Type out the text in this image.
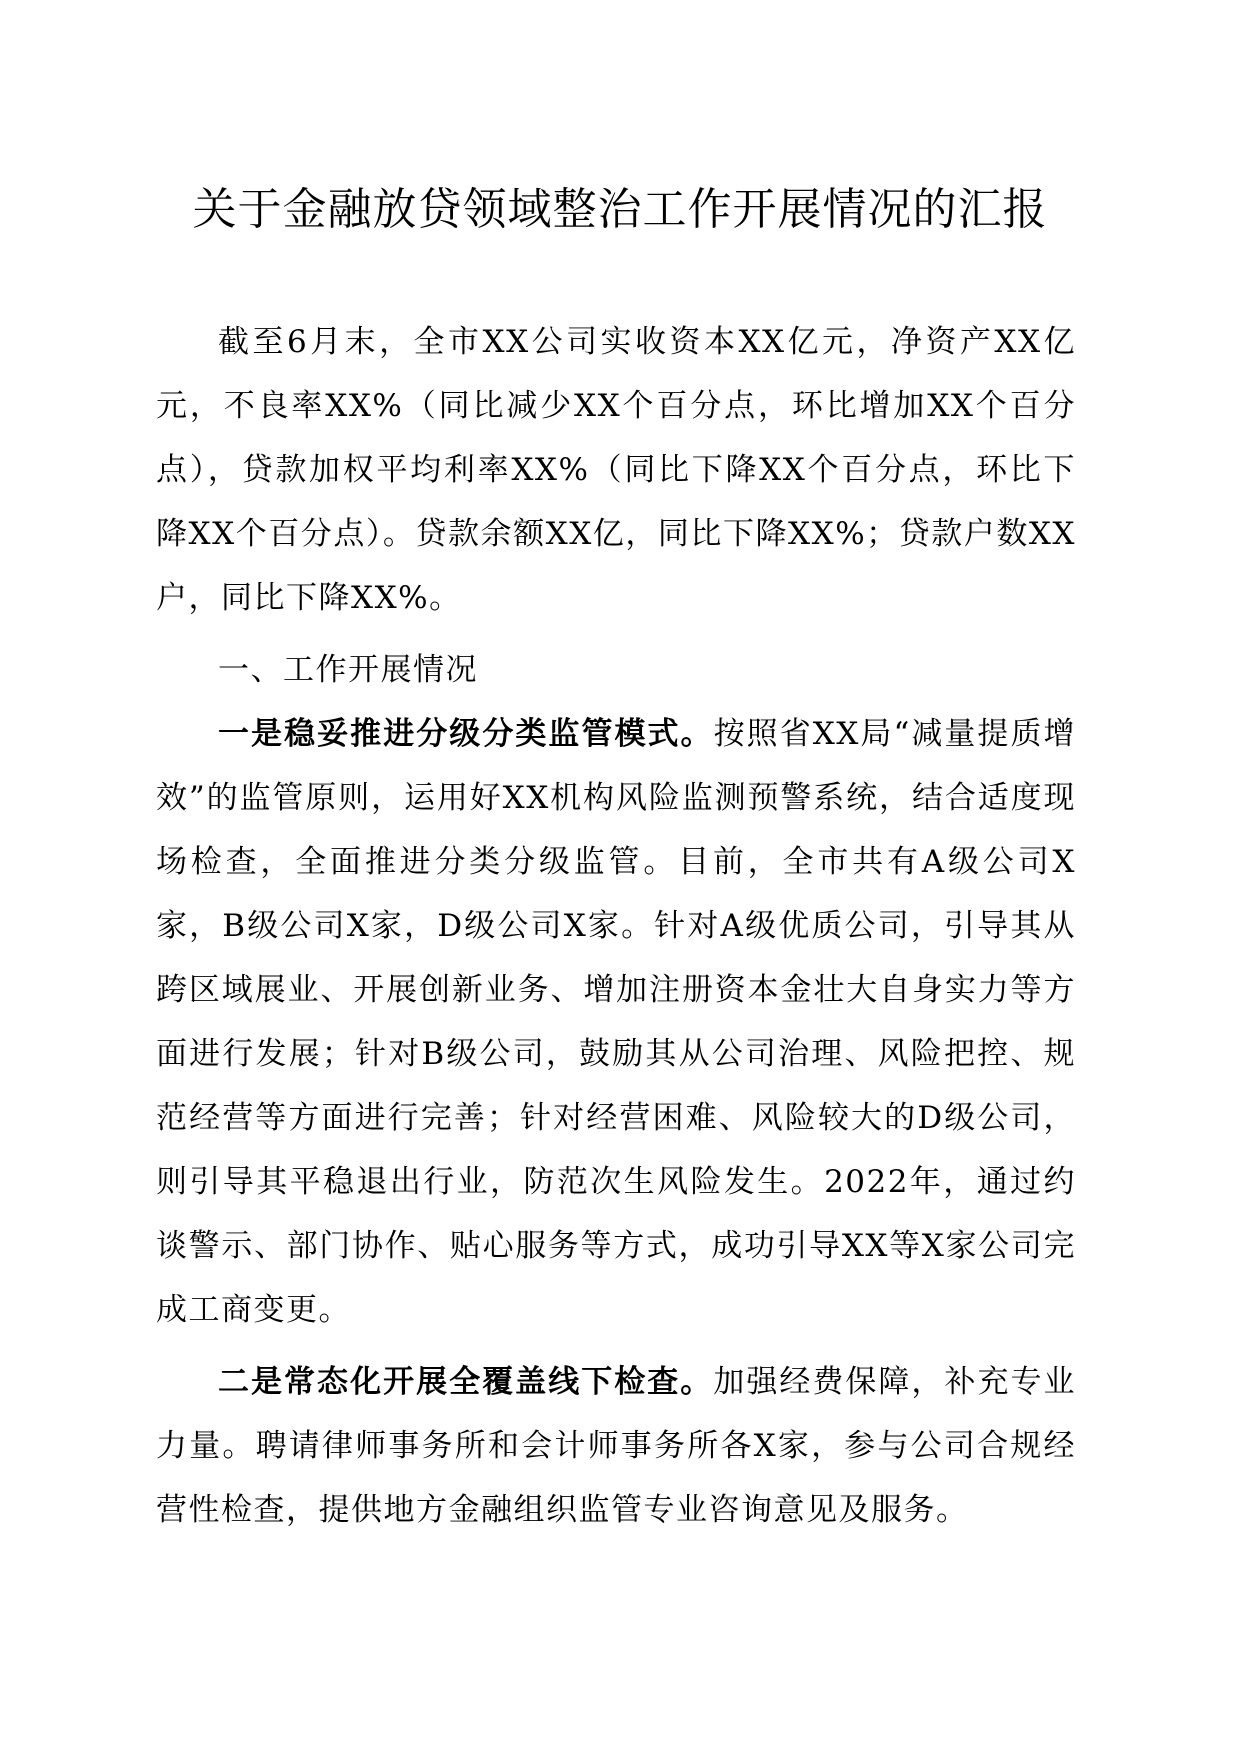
关于金融放贷领域整治工作开展情况的汇报

截至6月末，全市XX公司实收资本XX亿元，净资产XX亿元，不良率XX%（同比减少XX个百分点，环比增加XX个百分点），贷款加权平均利率XX%（同比下降XX个百分点，环比下降XX个百分点）。贷款余额XX亿，同比下降XX%；贷款户数XX户，同比下降XX%。

一、工作开展情况

一是稳妥推进分级分类监管模式。按照省XX局“减量提质增效”的监管原则，运用好XX机构风险监测预警系统，结合适度现场检查，全面推进分类分级监管。目前，全市共有A级公司X家，B级公司X家，D级公司X家。针对A级优质公司，引导其从跨区域展业、开展创新业务、增加注册资本金壮大自身实力等方面进行发展；针对B级公司，鼓励其从公司治理、风险把控、规范经营等方面进行完善；针对经营困难、风险较大的D级公司，则引导其平稳退出行业，防范次生风险发生。2022年，通过约谈警示、部门协作、贴心服务等方式，成功引导XX等X家公司完成工商变更。

二是常态化开展全覆盖线下检查。加强经费保障，补充专业力量。聘请律师事务所和会计师事务所各X家，参与公司合规经营性检查，提供地方金融组织监管专业咨询意见及服务。
